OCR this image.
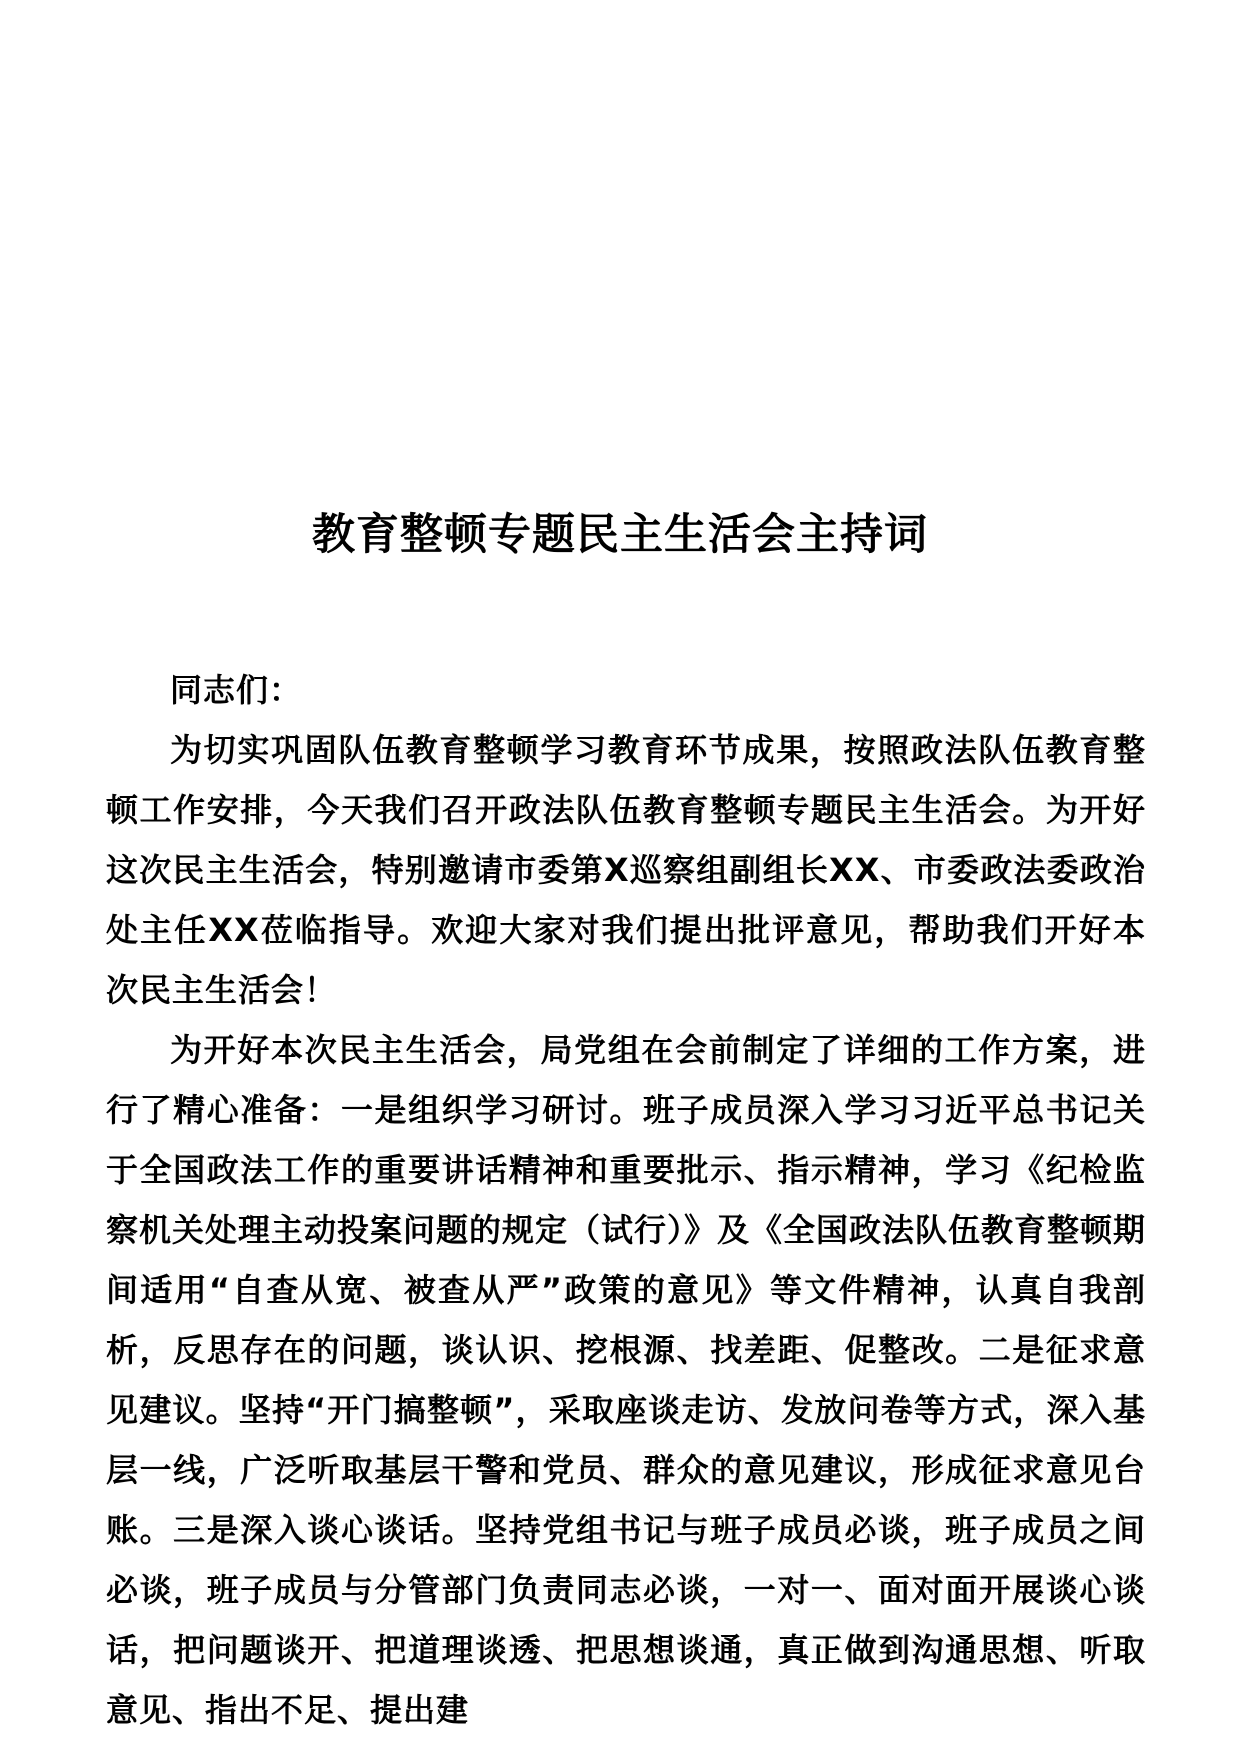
教育整顿专题民主生活会主持词

同志们：

为切实巩固队伍教育整顿学习教育环节成果，按照政法队伍教育整顿工作安排，今天我们召开政法队伍教育整顿专题民主生活会。为开好这次民主生活会，特别邀请市委第X巡察组副组长XX、市委政法委政治处主任XX莅临指导。欢迎大家对我们提出批评意见，帮助我们开好本次民主生活会！

为开好本次民主生活会，局党组在会前制定了详细的工作方案，进行了精心准备：一是组织学习研讨。班子成员深入学习习近平总书记关于全国政法工作的重要讲话精神和重要批示、指示精神，学习《纪检监察机关处理主动投案问题的规定（试行）》及《全国政法队伍教育整顿期间适用“自查从宽、被查从严”政策的意见》等文件精神，认真自我剖析，反思存在的问题，谈认识、挖根源、找差距、促整改。二是征求意见建议。坚持“开门搞整顿”，采取座谈走访、发放问卷等方式，深入基层一线，广泛听取基层干警和党员、群众的意见建议，形成征求意见台账。三是深入谈心谈话。坚持党组书记与班子成员必谈，班子成员之间必谈，班子成员与分管部门负责同志必谈，一对一、面对面开展谈心谈话，把问题谈开、把道理谈透、把思想谈通，真正做到沟通思想、听取意见、指出不足、提出建
